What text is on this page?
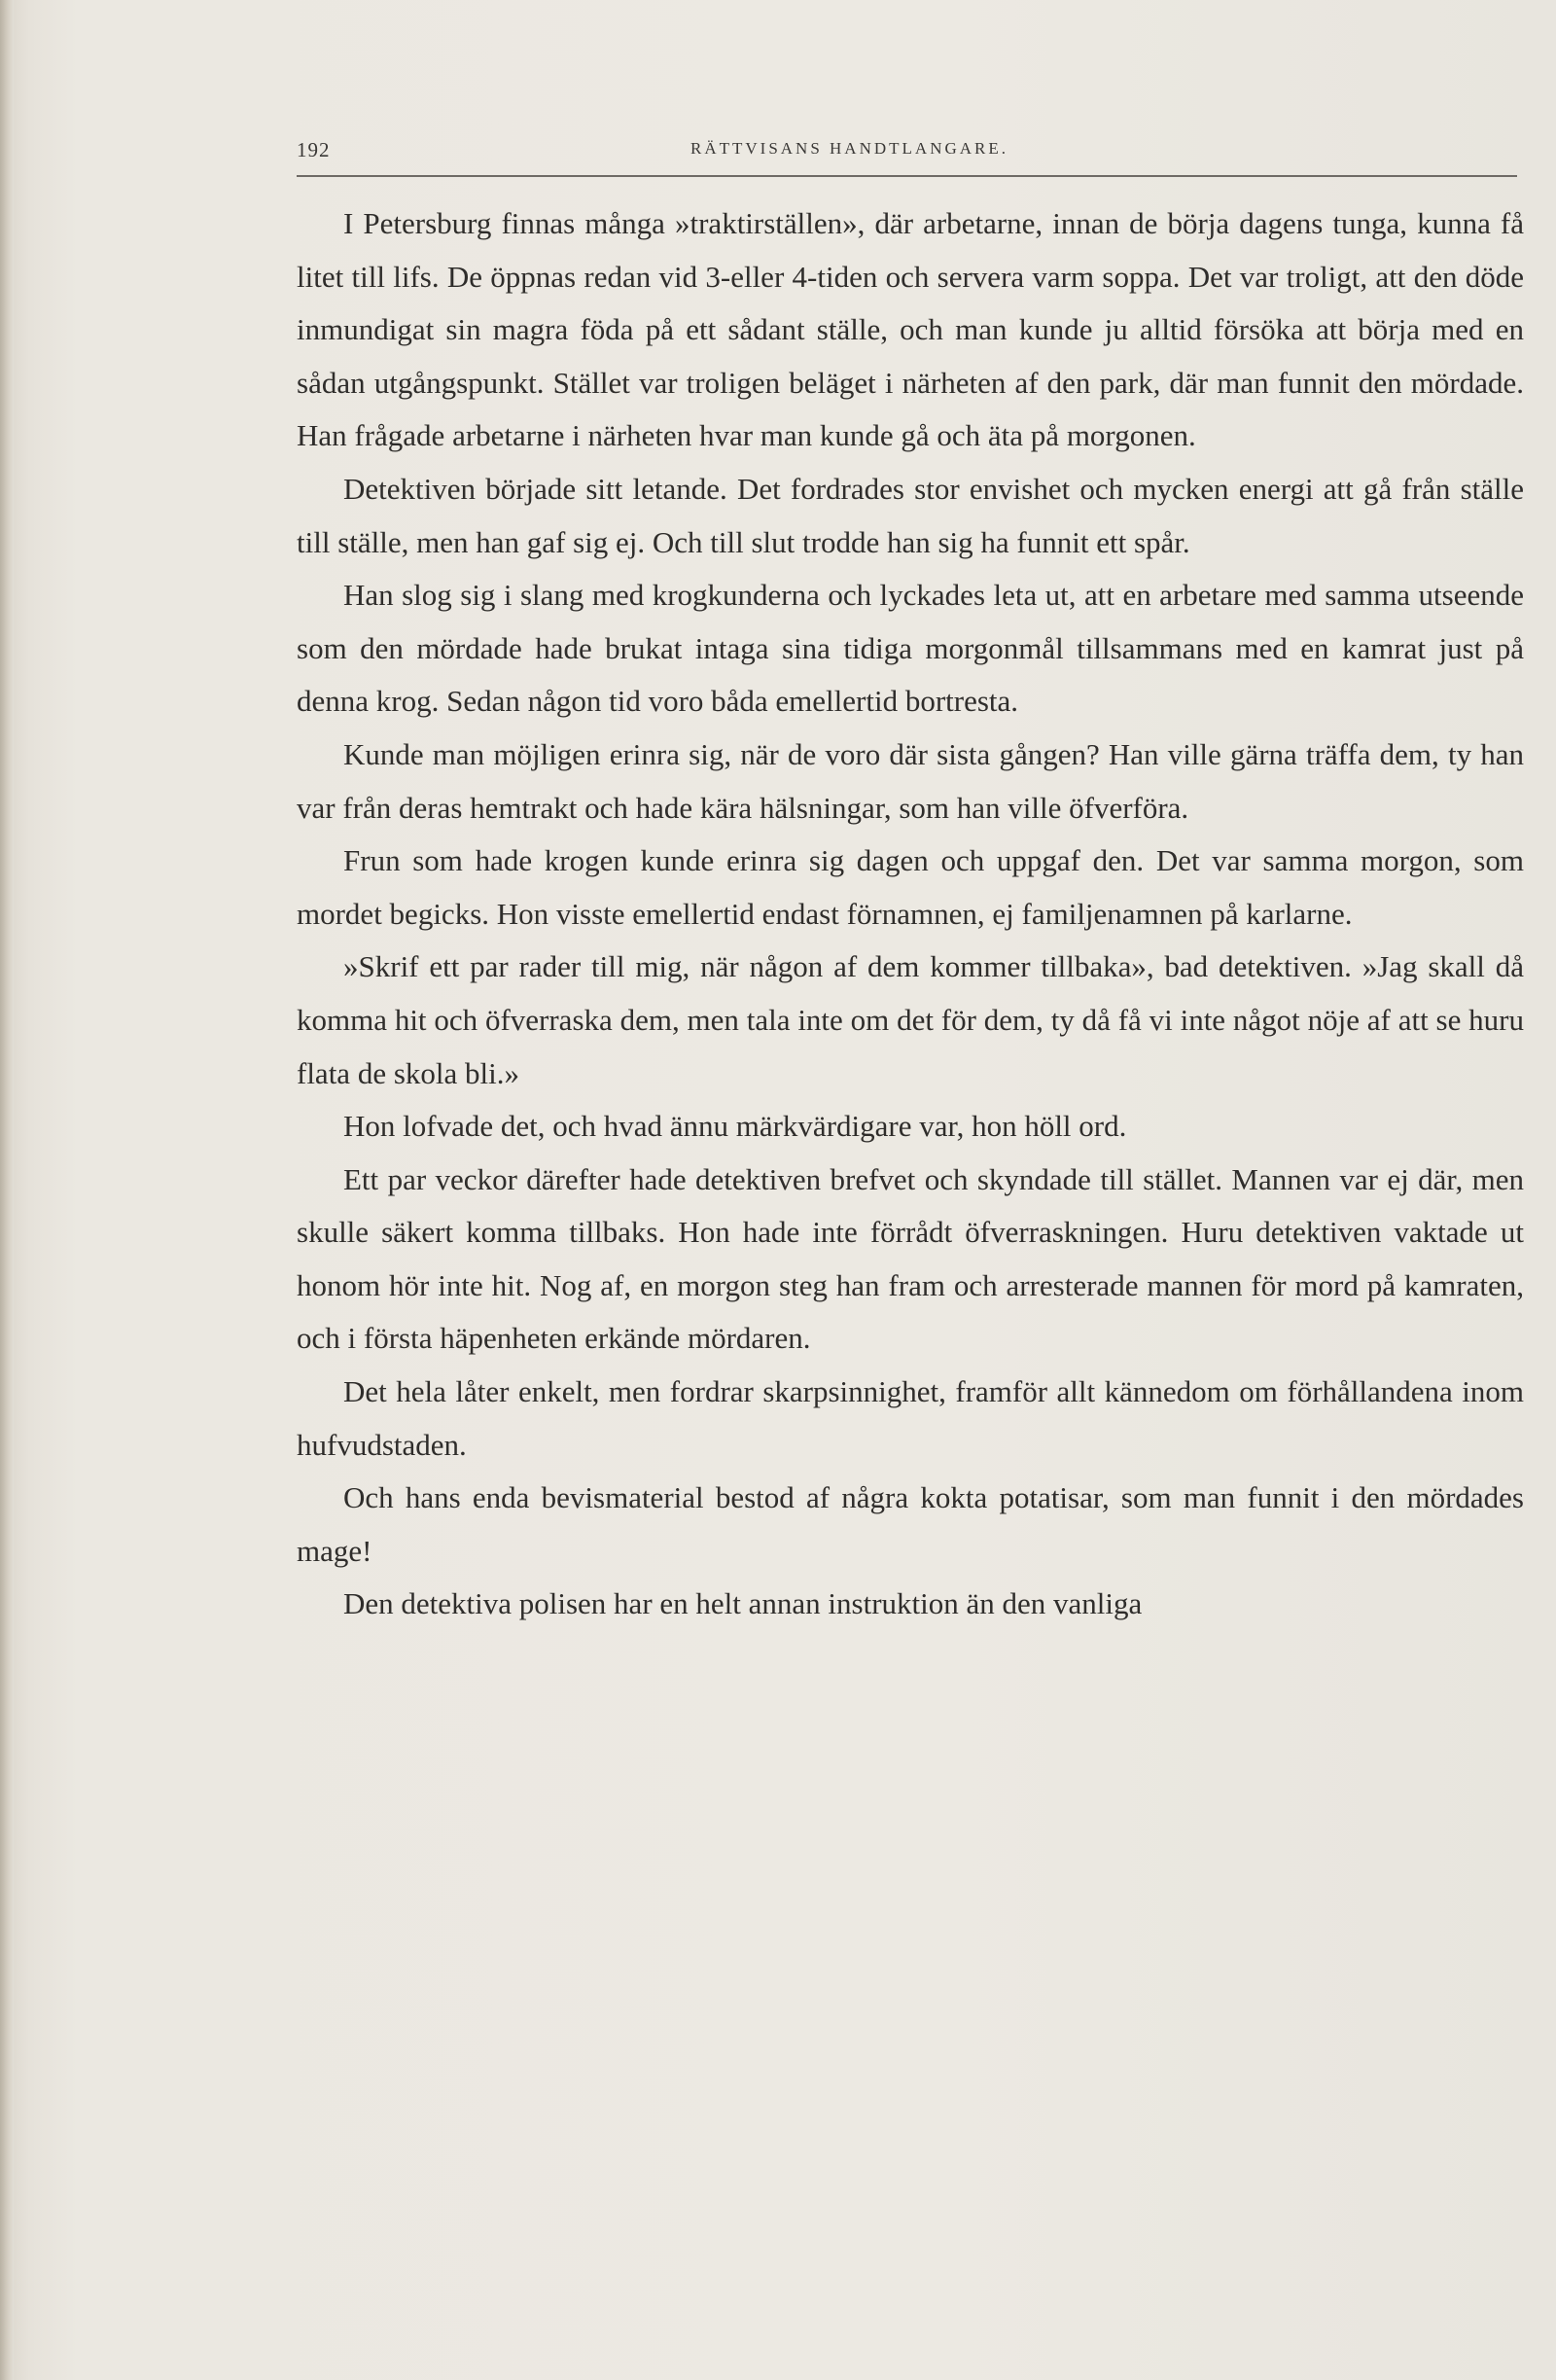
192	RÄTTVISANS HANDTLANGARE.

I Petersburg finnas många »traktirställen», där arbetarne, innan de börja dagens tunga, kunna få litet till lifs. De öppnas redan vid 3-eller 4-tiden och servera varm soppa. Det var troligt, att den döde inmundigat sin magra föda på ett sådant ställe, och man kunde ju alltid försöka att börja med en sådan utgångspunkt. Stället var troligen beläget i närheten af den park, där man funnit den mördade. Han frågade arbetarne i närheten hvar man kunde gå och äta på morgonen.

Detektiven började sitt letande. Det fordrades stor envishet och mycken energi att gå från ställe till ställe, men han gaf sig ej. Och till slut trodde han sig ha funnit ett spår.

Han slog sig i slang med krogkunderna och lyckades leta ut, att en arbetare med samma utseende som den mördade hade brukat intaga sina tidiga morgonmål tillsammans med en kamrat just på denna krog. Sedan någon tid voro båda emellertid bortresta.

Kunde man möjligen erinra sig, när de voro där sista gången? Han ville gärna träffa dem, ty han var från deras hemtrakt och hade kära hälsningar, som han ville öfverföra.

Frun som hade krogen kunde erinra sig dagen och uppgaf den. Det var samma morgon, som mordet begicks. Hon visste emellertid endast förnamnen, ej familjenamnen på karlarne.

»Skrif ett par rader till mig, när någon af dem kommer tillbaka», bad detektiven. »Jag skall då komma hit och öfverraska dem, men tala inte om det för dem, ty då få vi inte något nöje af att se huru flata de skola bli.»

Hon lofvade det, och hvad ännu märkvärdigare var, hon höll ord.

Ett par veckor därefter hade detektiven brefvet och skyndade till stället. Mannen var ej där, men skulle säkert komma tillbaks. Hon hade inte förrådt öfverraskningen. Huru detektiven vaktade ut honom hör inte hit. Nog af, en morgon steg han fram och arresterade mannen för mord på kamraten, och i första häpenheten erkände mördaren.

Det hela låter enkelt, men fordrar skarpsinnighet, framför allt kännedom om förhållandena inom hufvudstaden.

Och hans enda bevismaterial bestod af några kokta potatisar, som man funnit i den mördades mage!

Den detektiva polisen har en helt annan instruktion än den vanliga
